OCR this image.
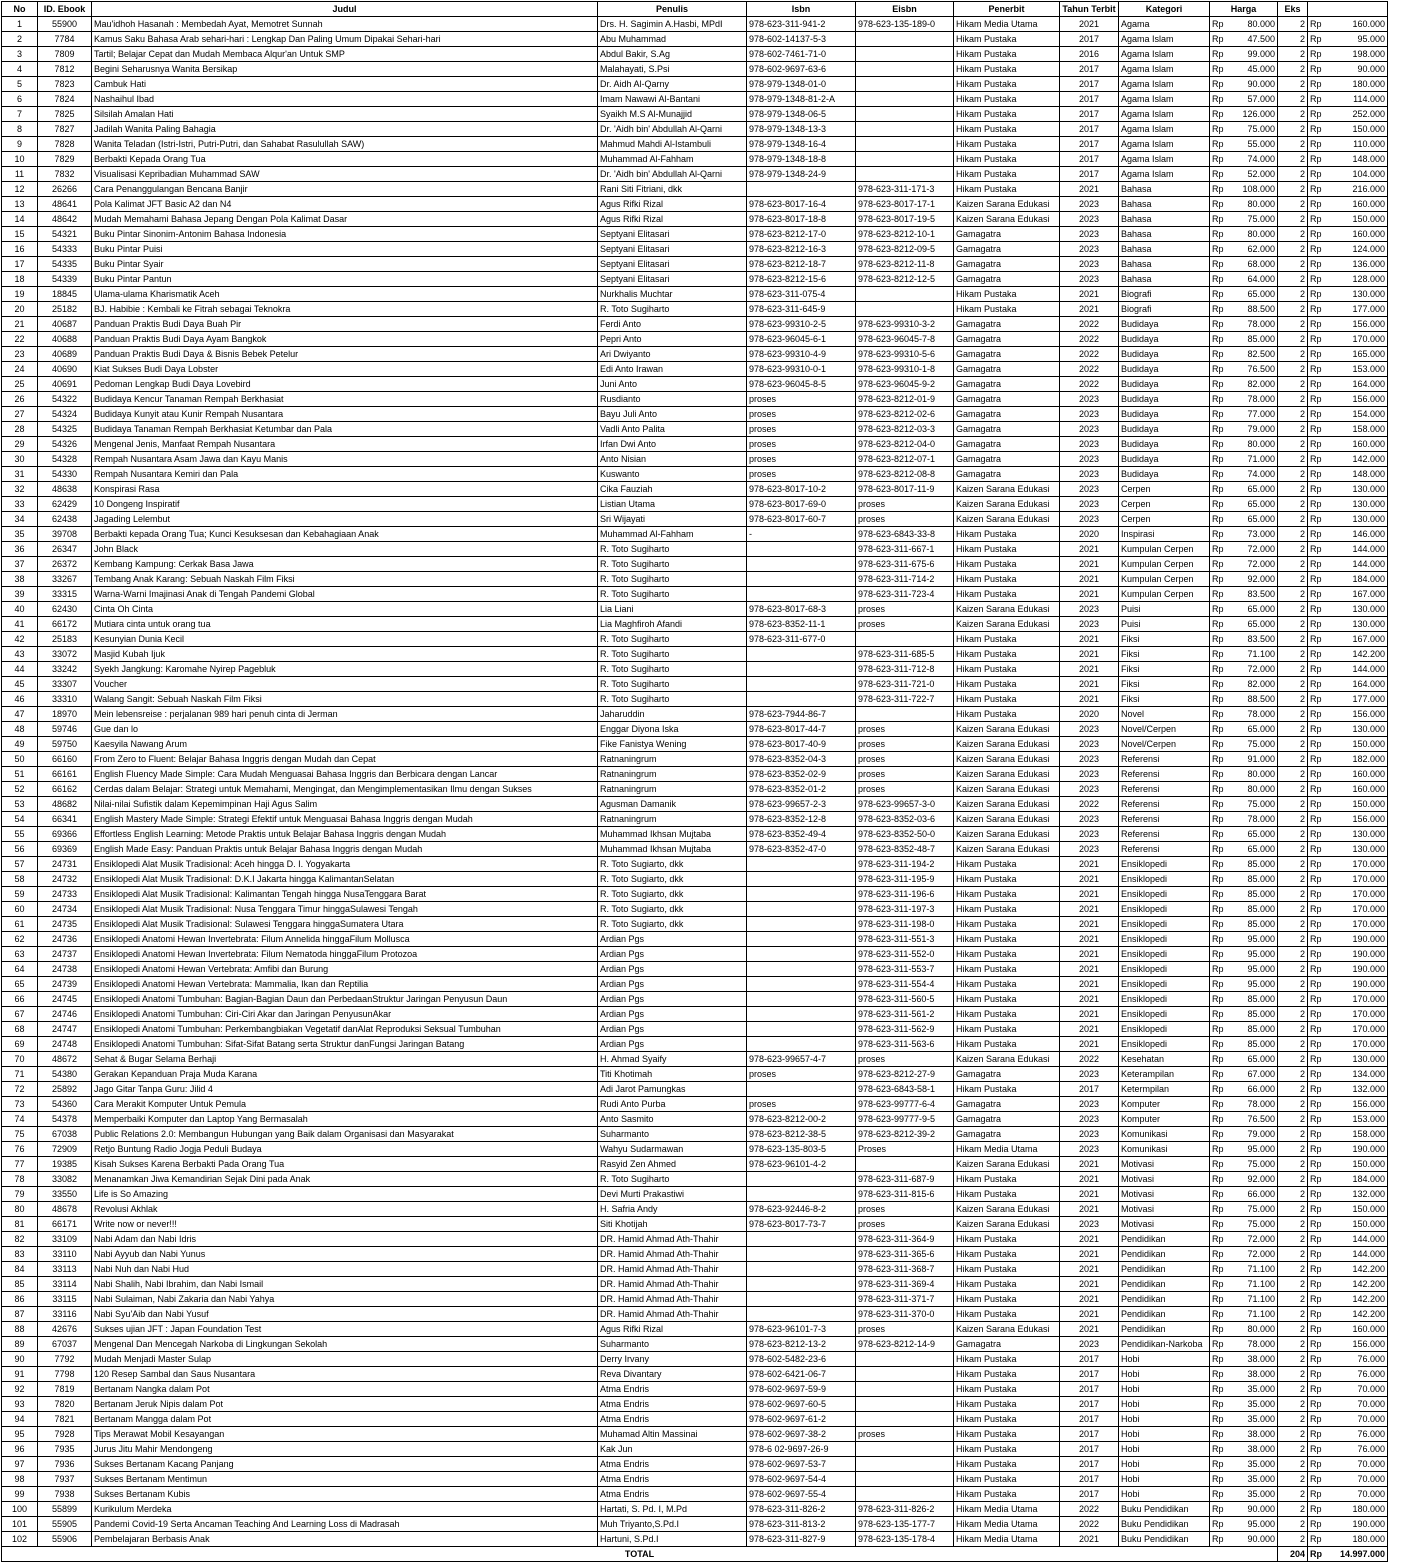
No	ID. Ebook	Judul	Penulis	Isbn	Eisbn	Penerbit	Tahun Terbit	Kategori	Harga	Eks	
1	55900	Mau'idhoh Hasanah : Membedah Ayat, Memotret Sunnah	Drs. H. Sagimin A.Hasbi, MPdI	978-623-311-941-2	978-623-135-189-0	Hikam Media Utama	2021	Agama	Rp 80.000	2	Rp 160.000

2	7784	Kamus Saku Bahasa Arab sehari-hari : Lengkap Dan Paling Umum Dipakai Sehari-hari	Abu Muhammad	978-602-14137-5-3		Hikam Pustaka	2017	Agama Islam	Rp 47.500	2	Rp 95.000

3	7809	Tartil; Belajar Cepat dan Mudah Membaca Alqur'an Untuk SMP	Abdul Bakir, S.Ag	978-602-7461-71-0		Hikam Pustaka	2016	Agama Islam	Rp 99.000	2	Rp 198.000

4	7812	Begini Seharusnya Wanita Bersikap	Malahayati, S.Psi	978-602-9697-63-6		Hikam Pustaka	2017	Agama Islam	Rp 45.000	2	Rp 90.000

5	7823	Cambuk Hati	Dr. Aidh Al-Qarny	978-979-1348-01-0		Hikam Pustaka	2017	Agama Islam	Rp 90.000	2	Rp 180.000

6	7824	Nashaihul Ibad	Imam Nawawi Al-Bantani	978-979-1348-81-2-A		Hikam Pustaka	2017	Agama Islam	Rp 57.000	2	Rp 114.000

7	7825	Silsilah Amalan Hati	Syaikh M.S Al-Munajjid	978-979-1348-06-5		Hikam Pustaka	2017	Agama Islam	Rp 126.000	2	Rp 252.000

8	7827	Jadilah Wanita Paling Bahagia	Dr. 'Aidh bin' Abdullah Al-Qarni	978-979-1348-13-3		Hikam Pustaka	2017	Agama Islam	Rp 75.000	2	Rp 150.000

9	7828	Wanita Teladan (Istri-Istri, Putri-Putri, dan Sahabat Rasulullah SAW)	Mahmud Mahdi Al-Istambuli	978-979-1348-16-4		Hikam Pustaka	2017	Agama Islam	Rp 55.000	2	Rp 110.000

10	7829	Berbakti Kepada Orang Tua	Muhammad Al-Fahham	978-979-1348-18-8		Hikam Pustaka	2017	Agama Islam	Rp 74.000	2	Rp 148.000

11	7832	Visualisasi Kepribadian Muhammad SAW	Dr. 'Aidh bin' Abdullah Al-Qarni	978-979-1348-24-9		Hikam Pustaka	2017	Agama Islam	Rp 52.000	2	Rp 104.000

12	26266	Cara Penanggulangan Bencana Banjir	Rani Siti Fitriani, dkk		978-623-311-171-3	Hikam Pustaka	2021	Bahasa	Rp 108.000	2	Rp 216.000

13	48641	Pola Kalimat JFT Basic A2 dan N4	Agus Rifki Rizal	978-623-8017-16-4	978-623-8017-17-1	Kaizen Sarana Edukasi	2023	Bahasa	Rp 80.000	2	Rp 160.000

14	48642	Mudah Memahami Bahasa Jepang Dengan Pola Kalimat Dasar	Agus Rifki Rizal	978-623-8017-18-8	978-623-8017-19-5	Kaizen Sarana Edukasi	2023	Bahasa	Rp 75.000	2	Rp 150.000

15	54321	Buku Pintar Sinonim-Antonim Bahasa Indonesia	Septyani Elitasari	978-623-8212-17-0	978-623-8212-10-1	Gamagatra	2023	Bahasa	Rp 80.000	2	Rp 160.000

16	54333	Buku Pintar Puisi	Septyani Elitasari	978-623-8212-16-3	978-623-8212-09-5	Gamagatra	2023	Bahasa	Rp 62.000	2	Rp 124.000

17	54335	Buku Pintar Syair	Septyani Elitasari	978-623-8212-18-7	978-623-8212-11-8	Gamagatra	2023	Bahasa	Rp 68.000	2	Rp 136.000

18	54339	Buku Pintar Pantun	Septyani Elitasari	978-623-8212-15-6	978-623-8212-12-5	Gamagatra	2023	Bahasa	Rp 64.000	2	Rp 128.000

19	18845	Ulama-ulama Kharismatik Aceh	Nurkhalis Muchtar	978-623-311-075-4		Hikam Pustaka	2021	Biografi	Rp 65.000	2	Rp 130.000

20	25182	BJ. Habibie : Kembali ke Fitrah sebagai Teknokra	R. Toto Sugiharto	978-623-311-645-9		Hikam Pustaka	2021	Biografi	Rp 88.500	2	Rp 177.000

21	40687	Panduan Praktis Budi Daya Buah Pir	Ferdi Anto	978-623-99310-2-5	978-623-99310-3-2	Gamagatra	2022	Budidaya	Rp 78.000	2	Rp 156.000

22	40688	Panduan Praktis Budi Daya Ayam Bangkok	Pepri Anto	978-623-96045-6-1	978-623-96045-7-8	Gamagatra	2022	Budidaya	Rp 85.000	2	Rp 170.000

23	40689	Panduan Praktis Budi Daya & Bisnis Bebek Petelur	Ari Dwiyanto	978-623-99310-4-9	978-623-99310-5-6	Gamagatra	2022	Budidaya	Rp 82.500	2	Rp 165.000

24	40690	Kiat Sukses Budi Daya Lobster	Edi Anto Irawan	978-623-99310-0-1	978-623-99310-1-8	Gamagatra	2022	Budidaya	Rp 76.500	2	Rp 153.000

25	40691	Pedoman Lengkap Budi Daya Lovebird	Juni Anto	978-623-96045-8-5	978-623-96045-9-2	Gamagatra	2022	Budidaya	Rp 82.000	2	Rp 164.000

26	54322	Budidaya Kencur Tanaman Rempah Berkhasiat	Rusdianto	proses	978-623-8212-01-9	Gamagatra	2023	Budidaya	Rp 78.000	2	Rp 156.000

27	54324	Budidaya Kunyit atau Kunir Rempah Nusantara	Bayu Juli Anto	proses	978-623-8212-02-6	Gamagatra	2023	Budidaya	Rp 77.000	2	Rp 154.000

28	54325	Budidaya Tanaman Rempah Berkhasiat Ketumbar dan Pala	Vadli Anto Palita	proses	978-623-8212-03-3	Gamagatra	2023	Budidaya	Rp 79.000	2	Rp 158.000

29	54326	Mengenal Jenis, Manfaat Rempah Nusantara	Irfan Dwi Anto	proses	978-623-8212-04-0	Gamagatra	2023	Budidaya	Rp 80.000	2	Rp 160.000

30	54328	Rempah Nusantara Asam Jawa dan Kayu Manis	Anto Nisian	proses	978-623-8212-07-1	Gamagatra	2023	Budidaya	Rp 71.000	2	Rp 142.000

31	54330	Rempah Nusantara Kemiri dan Pala	Kuswanto	proses	978-623-8212-08-8	Gamagatra	2023	Budidaya	Rp 74.000	2	Rp 148.000

32	48638	Konspirasi Rasa	Cika Fauziah	978-623-8017-10-2	978-623-8017-11-9	Kaizen Sarana Edukasi	2023	Cerpen	Rp 65.000	2	Rp 130.000

33	62429	10 Dongeng Inspiratif	Listian Utama	978-623-8017-69-0	proses	Kaizen Sarana Edukasi	2023	Cerpen	Rp 65.000	2	Rp 130.000

34	62438	Jagading Lelembut	Sri Wijayati	978-623-8017-60-7	proses	Kaizen Sarana Edukasi	2023	Cerpen	Rp 65.000	2	Rp 130.000

35	39708	Berbakti kepada Orang Tua; Kunci Kesuksesan dan Kebahagiaan Anak	Muhammad Al-Fahham	-	978-623-6843-33-8	Hikam Pustaka	2020	Inspirasi	Rp 73.000	2	Rp 146.000

36	26347	John Black	R. Toto Sugiharto		978-623-311-667-1	Hikam Pustaka	2021	Kumpulan Cerpen	Rp 72.000	2	Rp 144.000

37	26372	Kembang Kampung: Cerkak Basa Jawa	R. Toto Sugiharto		978-623-311-675-6	Hikam Pustaka	2021	Kumpulan Cerpen	Rp 72.000	2	Rp 144.000

38	33267	Tembang Anak Karang: Sebuah Naskah Film Fiksi	R. Toto Sugiharto		978-623-311-714-2	Hikam Pustaka	2021	Kumpulan Cerpen	Rp 92.000	2	Rp 184.000

39	33315	Warna-Warni Imajinasi Anak di Tengah Pandemi Global	R. Toto Sugiharto		978-623-311-723-4	Hikam Pustaka	2021	Kumpulan Cerpen	Rp 83.500	2	Rp 167.000

40	62430	Cinta Oh Cinta	Lia Liani	978-623-8017-68-3	proses	Kaizen Sarana Edukasi	2023	Puisi	Rp 65.000	2	Rp 130.000

41	66172	Mutiara cinta untuk orang tua	Lia Maghfiroh Afandi	978-623-8352-11-1	proses	Kaizen Sarana Edukasi	2023	Puisi	Rp 65.000	2	Rp 130.000

42	25183	Kesunyian Dunia Kecil	R. Toto Sugiharto	978-623-311-677-0		Hikam Pustaka	2021	Fiksi	Rp 83.500	2	Rp 167.000

43	33072	Masjid Kubah Ijuk	R. Toto Sugiharto		978-623-311-685-5	Hikam Pustaka	2021	Fiksi	Rp 71.100	2	Rp 142.200

44	33242	Syekh Jangkung: Karomahe Nyirep Pagebluk	R. Toto Sugiharto		978-623-311-712-8	Hikam Pustaka	2021	Fiksi	Rp 72.000	2	Rp 144.000

45	33307	Voucher	R. Toto Sugiharto		978-623-311-721-0	Hikam Pustaka	2021	Fiksi	Rp 82.000	2	Rp 164.000

46	33310	Walang Sangit: Sebuah Naskah Film Fiksi	R. Toto Sugiharto		978-623-311-722-7	Hikam Pustaka	2021	Fiksi	Rp 88.500	2	Rp 177.000

47	18970	Mein lebensreise : perjalanan 989 hari penuh cinta di Jerman	Jaharuddin	978-623-7944-86-7		Hikam Pustaka	2020	Novel	Rp 78.000	2	Rp 156.000

48	59746	Gue dan lo	Enggar Diyona Iska	978-623-8017-44-7	proses	Kaizen Sarana Edukasi	2023	Novel/Cerpen	Rp 65.000	2	Rp 130.000

49	59750	Kaesyila Nawang Arum	Fike Fanistya Wening	978-623-8017-40-9	proses	Kaizen Sarana Edukasi	2023	Novel/Cerpen	Rp 75.000	2	Rp 150.000

50	66160	From Zero to Fluent: Belajar Bahasa Inggris dengan Mudah dan Cepat	Ratnaningrum	978-623-8352-04-3	proses	Kaizen Sarana Edukasi	2023	Referensi	Rp 91.000	2	Rp 182.000

51	66161	English Fluency Made Simple: Cara Mudah Menguasai Bahasa Inggris dan Berbicara dengan Lancar	Ratnaningrum	978-623-8352-02-9	proses	Kaizen Sarana Edukasi	2023	Referensi	Rp 80.000	2	Rp 160.000

52	66162	Cerdas dalam Belajar: Strategi untuk Memahami, Mengingat, dan Mengimplementasikan Ilmu dengan Sukses	Ratnaningrum	978-623-8352-01-2	proses	Kaizen Sarana Edukasi	2023	Referensi	Rp 80.000	2	Rp 160.000

53	48682	Nilai-nilai Sufistik dalam Kepemimpinan Haji Agus Salim	Agusman Damanik	978-623-99657-2-3	978-623-99657-3-0	Kaizen Sarana Edukasi	2022	Referensi	Rp 75.000	2	Rp 150.000

54	66341	English Mastery Made Simple: Strategi Efektif untuk Menguasai Bahasa Inggris dengan Mudah	Ratnaningrum	978-623-8352-12-8	978-623-8352-03-6	Kaizen Sarana Edukasi	2023	Referensi	Rp 78.000	2	Rp 156.000

55	69366	Effortless English Learning: Metode Praktis untuk Belajar Bahasa Inggris dengan Mudah	Muhammad Ikhsan Mujtaba	978-623-8352-49-4	978-623-8352-50-0	Kaizen Sarana Edukasi	2023	Referensi	Rp 65.000	2	Rp 130.000

56	69369	English Made Easy: Panduan Praktis untuk Belajar Bahasa Inggris dengan Mudah	Muhammad Ikhsan Mujtaba	978-623-8352-47-0	978-623-8352-48-7	Kaizen Sarana Edukasi	2023	Referensi	Rp 65.000	2	Rp 130.000

57	24731	Ensiklopedi Alat Musik Tradisional: Aceh hingga D. I. Yogyakarta	R. Toto Sugiarto, dkk		978-623-311-194-2	Hikam Pustaka	2021	Ensiklopedi	Rp 85.000	2	Rp 170.000

58	24732	Ensiklopedi Alat Musik Tradisional: D.K.I Jakarta hingga KalimantanSelatan	R. Toto Sugiarto, dkk		978-623-311-195-9	Hikam Pustaka	2021	Ensiklopedi	Rp 85.000	2	Rp 170.000

59	24733	Ensiklopedi Alat Musik Tradisional: Kalimantan Tengah hingga NusaTenggara Barat	R. Toto Sugiarto, dkk		978-623-311-196-6	Hikam Pustaka	2021	Ensiklopedi	Rp 85.000	2	Rp 170.000

60	24734	Ensiklopedi Alat Musik Tradisional: Nusa Tenggara Timur hinggaSulawesi Tengah	R. Toto Sugiarto, dkk		978-623-311-197-3	Hikam Pustaka	2021	Ensiklopedi	Rp 85.000	2	Rp 170.000

61	24735	Ensiklopedi Alat Musik Tradisional: Sulawesi Tenggara hinggaSumatera Utara	R. Toto Sugiarto, dkk		978-623-311-198-0	Hikam Pustaka	2021	Ensiklopedi	Rp 85.000	2	Rp 170.000

62	24736	Ensiklopedi Anatomi Hewan Invertebrata: Filum Annelida hinggaFilum Mollusca	Ardian Pgs		978-623-311-551-3	Hikam Pustaka	2021	Ensiklopedi	Rp 95.000	2	Rp 190.000

63	24737	Ensiklopedi Anatomi Hewan Invertebrata: Filum Nematoda hinggaFilum Protozoa	Ardian Pgs		978-623-311-552-0	Hikam Pustaka	2021	Ensiklopedi	Rp 95.000	2	Rp 190.000

64	24738	Ensiklopedi Anatomi Hewan Vertebrata: Amfibi dan Burung	Ardian Pgs		978-623-311-553-7	Hikam Pustaka	2021	Ensiklopedi	Rp 95.000	2	Rp 190.000

65	24739	Ensiklopedi Anatomi Hewan Vertebrata: Mammalia, Ikan dan Reptilia	Ardian Pgs		978-623-311-554-4	Hikam Pustaka	2021	Ensiklopedi	Rp 95.000	2	Rp 190.000

66	24745	Ensiklopedi Anatomi Tumbuhan: Bagian-Bagian Daun dan PerbedaanStruktur Jaringan Penyusun Daun	Ardian Pgs		978-623-311-560-5	Hikam Pustaka	2021	Ensiklopedi	Rp 85.000	2	Rp 170.000

67	24746	Ensiklopedi Anatomi Tumbuhan: Ciri-Ciri Akar dan Jaringan PenyusunAkar	Ardian Pgs		978-623-311-561-2	Hikam Pustaka	2021	Ensiklopedi	Rp 85.000	2	Rp 170.000

68	24747	Ensiklopedi Anatomi Tumbuhan: Perkembangbiakan Vegetatif danAlat Reproduksi Seksual Tumbuhan	Ardian Pgs		978-623-311-562-9	Hikam Pustaka	2021	Ensiklopedi	Rp 85.000	2	Rp 170.000

69	24748	Ensiklopedi Anatomi Tumbuhan: Sifat-Sifat Batang serta Struktur danFungsi Jaringan Batang	Ardian Pgs		978-623-311-563-6	Hikam Pustaka	2021	Ensiklopedi	Rp 85.000	2	Rp 170.000

70	48672	Sehat & Bugar Selama Berhaji	H. Ahmad Syaify	978-623-99657-4-7	proses	Kaizen Sarana Edukasi	2022	Kesehatan	Rp 65.000	2	Rp 130.000

71	54380	Gerakan Kepanduan Praja Muda Karana	Titi Khotimah	proses	978-623-8212-27-9	Gamagatra	2023	Keterampilan	Rp 67.000	2	Rp 134.000

72	25892	Jago Gitar Tanpa Guru: Jilid 4	Adi Jarot Pamungkas		978-623-6843-58-1	Hikam Pustaka	2017	Ketermpilan	Rp 66.000	2	Rp 132.000

73	54360	Cara Merakit Komputer Untuk Pemula	Rudi Anto Purba	proses	978-623-99777-6-4	Gamagatra	2023	Komputer	Rp 78.000	2	Rp 156.000

74	54378	Memperbaiki Komputer dan Laptop Yang Bermasalah	Anto Sasmito	978-623-8212-00-2	978-623-99777-9-5	Gamagatra	2023	Komputer	Rp 76.500	2	Rp 153.000

75	67038	Public Relations 2.0: Membangun Hubungan yang Baik dalam Organisasi dan Masyarakat	Suharmanto	978-623-8212-38-5	978-623-8212-39-2	Gamagatra	2023	Komunikasi	Rp 79.000	2	Rp 158.000

76	72909	Retjo Buntung Radio Jogja Peduli Budaya	Wahyu Sudarmawan	978-623-135-803-5	Proses	Hikam Media Utama	2023	Komunikasi	Rp 95.000	2	Rp 190.000

77	19385	Kisah Sukses Karena Berbakti Pada Orang Tua	Rasyid Zen Ahmed	978-623-96101-4-2		Kaizen Sarana Edukasi	2021	Motivasi	Rp 75.000	2	Rp 150.000

78	33082	Menanamkan Jiwa Kemandirian Sejak Dini pada Anak	R. Toto Sugiharto		978-623-311-687-9	Hikam Pustaka	2021	Motivasi	Rp 92.000	2	Rp 184.000

79	33550	Life is So Amazing	Devi Murti Prakastiwi		978-623-311-815-6	Hikam Pustaka	2021	Motivasi	Rp 66.000	2	Rp 132.000

80	48678	Revolusi Akhlak	H. Safria Andy	978-623-92446-8-2	proses	Kaizen Sarana Edukasi	2021	Motivasi	Rp 75.000	2	Rp 150.000

81	66171	Write now or never!!!	Siti Khotijah	978-623-8017-73-7	proses	Kaizen Sarana Edukasi	2023	Motivasi	Rp 75.000	2	Rp 150.000

82	33109	Nabi Adam dan Nabi Idris	DR. Hamid Ahmad Ath-Thahir		978-623-311-364-9	Hikam Pustaka	2021	Pendidikan	Rp 72.000	2	Rp 144.000

83	33110	Nabi Ayyub dan Nabi Yunus	DR. Hamid Ahmad Ath-Thahir		978-623-311-365-6	Hikam Pustaka	2021	Pendidikan	Rp 72.000	2	Rp 144.000

84	33113	Nabi Nuh dan Nabi Hud	DR. Hamid Ahmad Ath-Thahir		978-623-311-368-7	Hikam Pustaka	2021	Pendidikan	Rp 71.100	2	Rp 142.200

85	33114	Nabi Shalih, Nabi Ibrahim, dan Nabi Ismail	DR. Hamid Ahmad Ath-Thahir		978-623-311-369-4	Hikam Pustaka	2021	Pendidikan	Rp 71.100	2	Rp 142.200

86	33115	Nabi Sulaiman, Nabi Zakaria dan Nabi Yahya	DR. Hamid Ahmad Ath-Thahir		978-623-311-371-7	Hikam Pustaka	2021	Pendidikan	Rp 71.100	2	Rp 142.200

87	33116	Nabi Syu'Aib dan Nabi Yusuf	DR. Hamid Ahmad Ath-Thahir		978-623-311-370-0	Hikam Pustaka	2021	Pendidikan	Rp 71.100	2	Rp 142.200

88	42676	Sukses ujian JFT : Japan Foundation Test	Agus Rifki Rizal	978-623-96101-7-3	proses	Kaizen Sarana Edukasi	2021	Pendidikan	Rp 80.000	2	Rp 160.000

89	67037	Mengenal Dan Mencegah Narkoba di Lingkungan Sekolah	Suharmanto	978-623-8212-13-2	978-623-8212-14-9	Gamagatra	2023	Pendidikan-Narkoba	Rp 78.000	2	Rp 156.000

90	7792	Mudah Menjadi Master Sulap	Derry Irvany	978-602-5482-23-6		Hikam Pustaka	2017	Hobi	Rp 38.000	2	Rp 76.000

91	7798	120 Resep Sambal dan Saus Nusantara	Reva Divantary	978-602-6421-06-7		Hikam Pustaka	2017	Hobi	Rp 38.000	2	Rp 76.000

92	7819	Bertanam Nangka dalam Pot	Atma Endris	978-602-9697-59-9		Hikam Pustaka	2017	Hobi	Rp 35.000	2	Rp 70.000

93	7820	Bertanam Jeruk Nipis dalam Pot	Atma Endris	978-602-9697-60-5		Hikam Pustaka	2017	Hobi	Rp 35.000	2	Rp 70.000

94	7821	Bertanam Mangga dalam Pot	Atma Endris	978-602-9697-61-2		Hikam Pustaka	2017	Hobi	Rp 35.000	2	Rp 70.000

95	7928	Tips Merawat Mobil Kesayangan	Muhamad Altin Massinai	978-602-9697-38-2	proses	Hikam Pustaka	2017	Hobi	Rp 38.000	2	Rp 76.000

96	7935	Jurus Jitu Mahir Mendongeng	Kak Jun	978-6 02-9697-26-9		Hikam Pustaka	2017	Hobi	Rp 38.000	2	Rp 76.000

97	7936	Sukses Bertanam Kacang Panjang	Atma Endris	978-602-9697-53-7		Hikam Pustaka	2017	Hobi	Rp 35.000	2	Rp 70.000

98	7937	Sukses Bertanam Mentimun	Atma Endris	978-602-9697-54-4		Hikam Pustaka	2017	Hobi	Rp 35.000	2	Rp 70.000

99	7938	Sukses Bertanam Kubis	Atma Endris	978-602-9697-55-4		Hikam Pustaka	2017	Hobi	Rp 35.000	2	Rp 70.000

100	55899	Kurikulum Merdeka	Hartati, S. Pd. I, M.Pd	978-623-311-826-2	978-623-311-826-2	Hikam Media Utama	2022	Buku Pendidikan	Rp 90.000	2	Rp 180.000

101	55905	Pandemi Covid-19 Serta Ancaman Teaching And Learning Loss di Madrasah	Muh Triyanto,S.Pd.I	978-623-311-813-2	978-623-135-177-7	Hikam Media Utama	2022	Buku Pendidikan	Rp 95.000	2	Rp 190.000

102	55906	Pembelajaran Berbasis Anak	Hartuni, S.Pd.I	978-623-311-827-9	978-623-135-178-4	Hikam Media Utama	2021	Buku Pendidikan	Rp 90.000	2	Rp 180.000

TOTAL										204	Rp 14.997.000
